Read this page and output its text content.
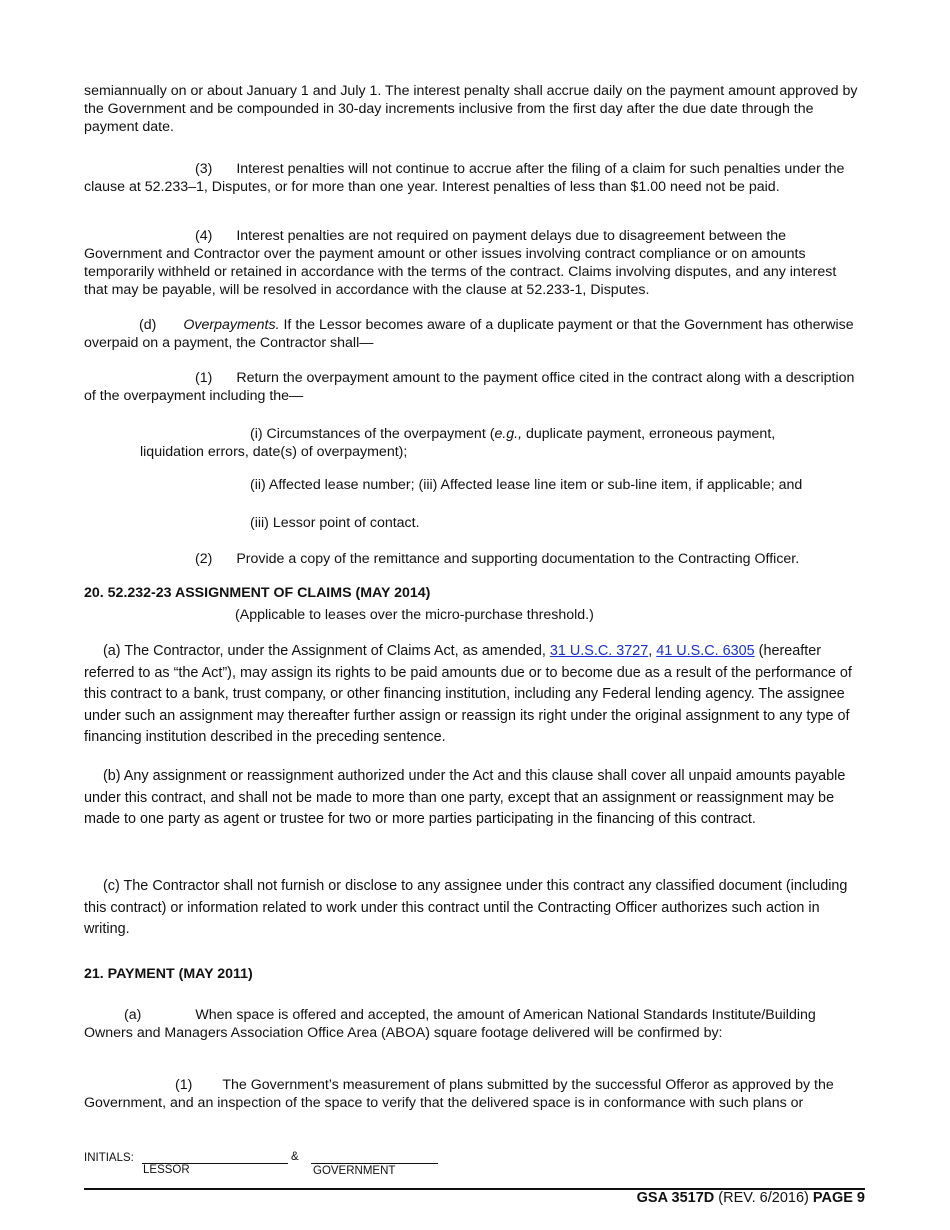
semiannually on or about January 1 and July 1. The interest penalty shall accrue daily on the payment amount approved by the Government and be compounded in 30-day increments inclusive from the first day after the due date through the payment date.

(3) Interest penalties will not continue to accrue after the filing of a claim for such penalties under the clause at 52.233–1, Disputes, or for more than one year. Interest penalties of less than $1.00 need not be paid.

(4) Interest penalties are not required on payment delays due to disagreement between the Government and Contractor over the payment amount or other issues involving contract compliance or on amounts temporarily withheld or retained in accordance with the terms of the contract. Claims involving disputes, and any interest that may be payable, will be resolved in accordance with the clause at 52.233-1, Disputes.

(d) Overpayments. If the Lessor becomes aware of a duplicate payment or that the Government has otherwise overpaid on a payment, the Contractor shall—

(1) Return the overpayment amount to the payment office cited in the contract along with a description of the overpayment including the—

(i) Circumstances of the overpayment (e.g., duplicate payment, erroneous payment, liquidation errors, date(s) of overpayment);

(ii) Affected lease number; (iii) Affected lease line item or sub-line item, if applicable; and

(iii) Lessor point of contact.

(2) Provide a copy of the remittance and supporting documentation to the Contracting Officer.

20. 52.232-23 ASSIGNMENT OF CLAIMS (MAY 2014)

(Applicable to leases over the micro-purchase threshold.)

(a) The Contractor, under the Assignment of Claims Act, as amended, 31 U.S.C. 3727, 41 U.S.C. 6305 (hereafter referred to as “the Act”), may assign its rights to be paid amounts due or to become due as a result of the performance of this contract to a bank, trust company, or other financing institution, including any Federal lending agency. The assignee under such an assignment may thereafter further assign or reassign its right under the original assignment to any type of financing institution described in the preceding sentence.

(b) Any assignment or reassignment authorized under the Act and this clause shall cover all unpaid amounts payable under this contract, and shall not be made to more than one party, except that an assignment or reassignment may be made to one party as agent or trustee for two or more parties participating in the financing of this contract.

(c) The Contractor shall not furnish or disclose to any assignee under this contract any classified document (including this contract) or information related to work under this contract until the Contracting Officer authorizes such action in writing.

21. PAYMENT (MAY 2011)

(a)	When space is offered and accepted, the amount of American National Standards Institute/Building Owners and Managers Association Office Area (ABOA) square footage delivered will be confirmed by:

(1) The Government’s measurement of plans submitted by the successful Offeror as approved by the Government, and an inspection of the space to verify that the delivered space is in conformance with such plans or

INITIALS:	&
LESSOR	GOVERNMENT
GSA 3517D (REV. 6/2016) PAGE 9
